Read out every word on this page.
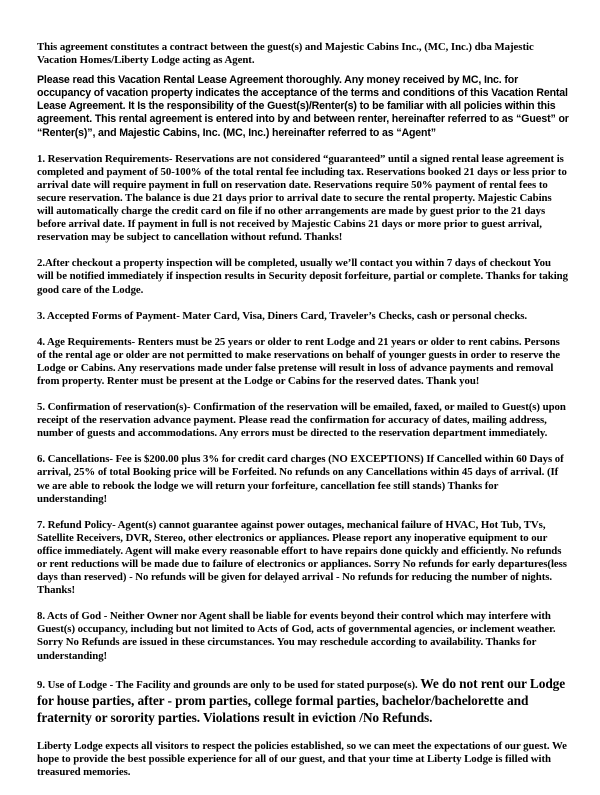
This agreement constitutes a contract between the guest(s) and Majestic Cabins Inc., (MC, Inc.) dba Majestic Vacation Homes/Liberty Lodge acting as Agent.

Please read this Vacation Rental Lease Agreement thoroughly. Any money received by MC, Inc. for occupancy of vacation property indicates the acceptance of the terms and conditions of this Vacation Rental Lease Agreement. It Is the responsibility of the Guest(s)/Renter(s) to be familiar with all policies within this agreement. This rental agreement is entered into by and between renter, hereinafter referred to as “Guest” or “Renter(s)”, and Majestic Cabins, Inc. (MC, Inc.) hereinafter referred to as “Agent”

1. Reservation Requirements- Reservations are not considered “guaranteed” until a signed rental lease agreement is completed and payment of 50-100% of the total rental fee including tax. Reservations booked 21 days or less prior to arrival date will require payment in full on reservation date. Reservations require 50% payment of rental fees to secure reservation. The balance is due 21 days prior to arrival date to secure the rental property. Majestic Cabins will automatically charge the credit card on file if no other arrangements are made by guest prior to the 21 days before arrival date. If payment in full is not received by Majestic Cabins 21 days or more prior to guest arrival, reservation may be subject to cancellation without refund. Thanks!

2.After checkout a property inspection will be completed, usually we’ll contact you within 7 days of checkout You will be notified immediately if inspection results in Security deposit forfeiture, partial or complete. Thanks for taking good care of the Lodge.

3. Accepted Forms of Payment- Mater Card, Visa, Diners Card, Traveler’s Checks, cash or personal checks.

4. Age Requirements- Renters must be 25 years or older to rent Lodge and 21 years or older to rent cabins. Persons of the rental age or older are not permitted to make reservations on behalf of younger guests in order to reserve the Lodge or Cabins. Any reservations made under false pretense will result in loss of advance payments and removal from property. Renter must be present at the Lodge or Cabins for the reserved dates. Thank you!

5. Confirmation of reservation(s)- Confirmation of the reservation will be emailed, faxed, or mailed to Guest(s) upon receipt of the reservation advance payment. Please read the confirmation for accuracy of dates, mailing address, number of guests and accommodations. Any errors must be directed to the reservation department immediately.

6. Cancellations- Fee is $200.00 plus 3% for credit card charges (NO EXCEPTIONS) If Cancelled within 60 Days of arrival, 25% of total Booking price will be Forfeited. No refunds on any Cancellations within 45 days of arrival. (If we are able to rebook the lodge we will return your forfeiture, cancellation fee still stands) Thanks for understanding!

7. Refund Policy- Agent(s) cannot guarantee against power outages, mechanical failure of HVAC, Hot Tub, TVs, Satellite Receivers, DVR, Stereo, other electronics or appliances. Please report any inoperative equipment to our office immediately. Agent will make every reasonable effort to have repairs done quickly and efficiently. No refunds or rent reductions will be made due to failure of electronics or appliances. Sorry No refunds for early departures(less days than reserved) - No refunds will be given for delayed arrival - No refunds for reducing the number of nights. Thanks!

8. Acts of God - Neither Owner nor Agent shall be liable for events beyond their control which may interfere with Guest(s) occupancy, including but not limited to Acts of God, acts of governmental agencies, or inclement weather. Sorry No Refunds are issued in these circumstances. You may reschedule according to availability. Thanks for understanding!

9. Use of Lodge - The Facility and grounds are only to be used for stated purpose(s). We do not rent our Lodge for house parties, after - prom parties, college formal parties, bachelor/bachelorette and fraternity or sorority parties. Violations result in eviction /No Refunds.

Liberty Lodge expects all visitors to respect the policies established, so we can meet the expectations of our guest. We hope to provide the best possible experience for all of our guest, and that your time at Liberty Lodge is filled with treasured memories.
